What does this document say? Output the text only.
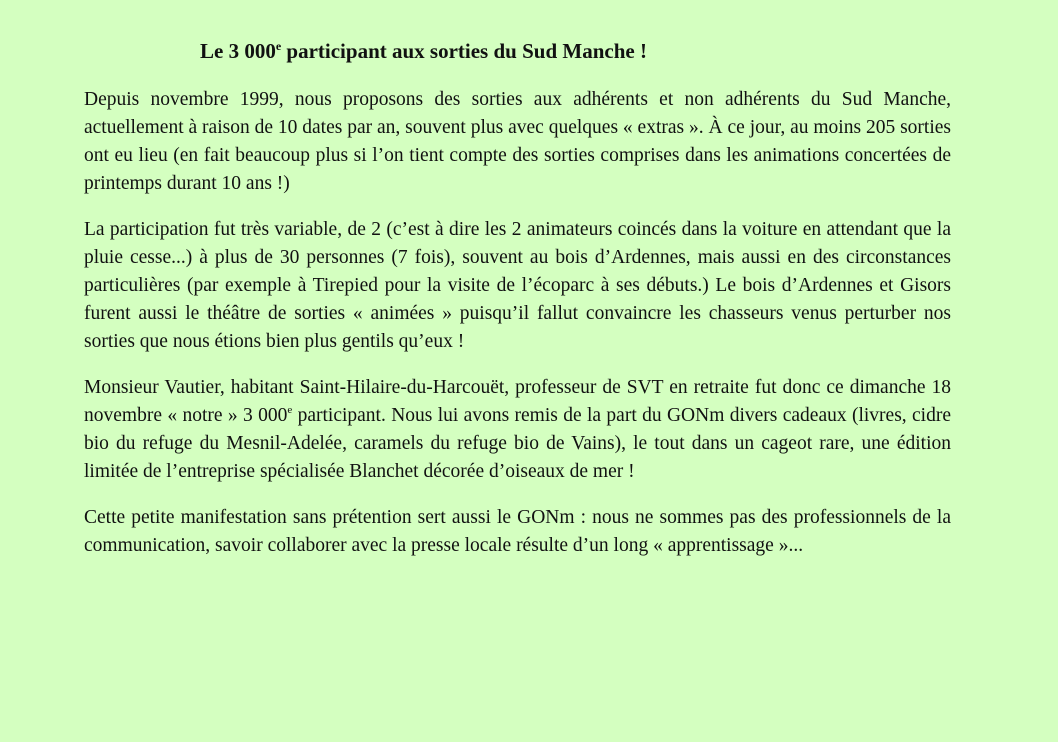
Le 3 000e participant aux sorties du Sud Manche !

Depuis novembre 1999, nous proposons des sorties aux adhérents et non adhérents du Sud Manche, actuellement à raison de 10 dates par an, souvent plus avec quelques « extras ». À ce jour, au moins 205 sorties ont eu lieu (en fait beaucoup plus si l’on tient compte des sorties comprises dans les animations concertées de printemps durant 10 ans !)

La participation fut très variable, de 2 (c’est à dire les 2 animateurs coincés dans la voiture en attendant que la pluie cesse...) à plus de 30 personnes (7 fois), souvent au bois d’Ardennes, mais aussi en des circonstances particulières (par exemple à Tirepied pour la visite de l’écoparc à ses débuts.) Le bois d’Ardennes et Gisors furent aussi le théâtre de sorties « animées » puisqu’il fallut convaincre les chasseurs venus perturber nos sorties que nous étions bien plus gentils qu’eux !

Monsieur Vautier, habitant Saint-Hilaire-du-Harcouët, professeur de SVT en retraite fut donc ce dimanche 18 novembre « notre » 3 000e participant. Nous lui avons remis de la part du GONm divers cadeaux (livres, cidre bio du refuge du Mesnil-Adelée, caramels du refuge bio de Vains), le tout dans un cageot rare, une édition limitée de l’entreprise spécialisée Blanchet décorée d’oiseaux de mer !

Cette petite manifestation sans prétention sert aussi le GONm : nous ne sommes pas des professionnels de la communication, savoir collaborer avec la presse locale résulte d’un long « apprentissage »...
